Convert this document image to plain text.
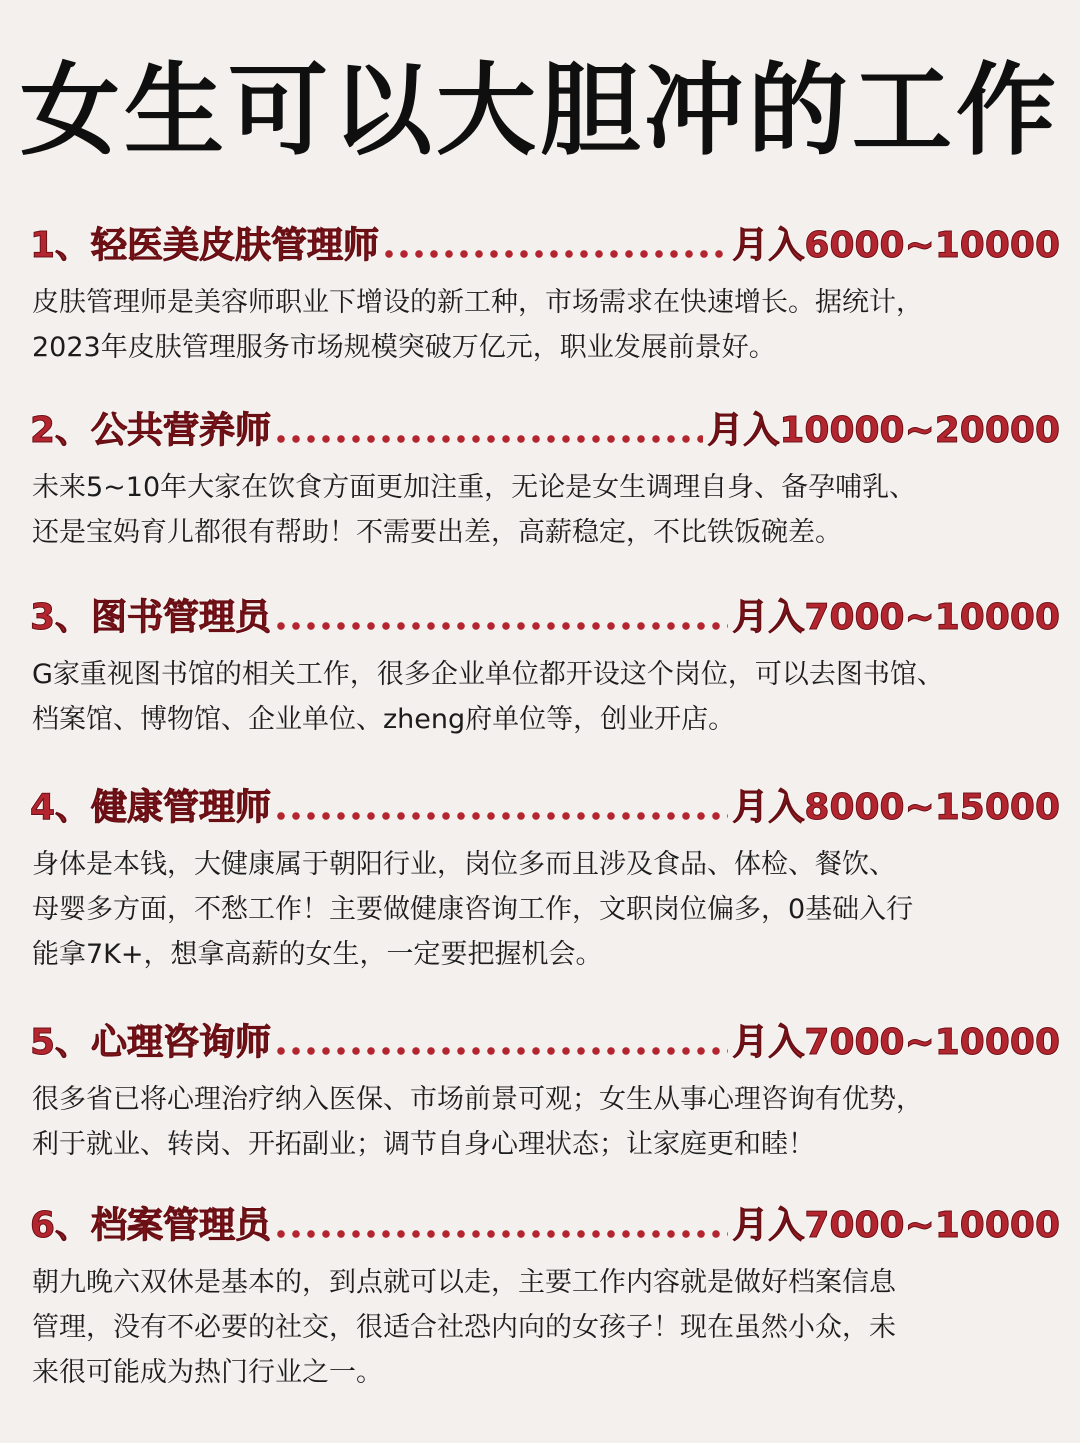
女生可以大胆冲的工作
1、轻医美皮肤管理师	月入6000~10000

皮肤管理师是美容师职业下增设的新工种，市场需求在快速增长。据统计，

2023年皮肤管理服务市场规模突破万亿元，职业发展前景好。

2、公共营养师	月入10000~20000

未来5~10年大家在饮食方面更加注重，无论是女生调理自身、备孕哺乳、

还是宝妈育儿都很有帮助！不需要出差，高薪稳定，不比铁饭碗差。

3、图书管理员	月入7000~10000

G家重视图书馆的相关工作，很多企业单位都开设这个岗位，可以去图书馆、

档案馆、博物馆、企业单位、zheng府单位等，创业开店。

4、健康管理师	月入8000~15000

身体是本钱，大健康属于朝阳行业，岗位多而且涉及食品、体检、餐饮、

母婴多方面，不愁工作！主要做健康咨询工作，文职岗位偏多，0基础入行

能拿7K+，想拿高薪的女生，一定要把握机会。

5、心理咨询师	月入7000~10000

很多省已将心理治疗纳入医保、市场前景可观；女生从事心理咨询有优势，

利于就业、转岗、开拓副业；调节自身心理状态；让家庭更和睦！

6、档案管理员	月入7000~10000

朝九晚六双休是基本的，到点就可以走，主要工作内容就是做好档案信息

管理，没有不必要的社交，很适合社恐内向的女孩子！现在虽然小众，未

来很可能成为热门行业之一。
